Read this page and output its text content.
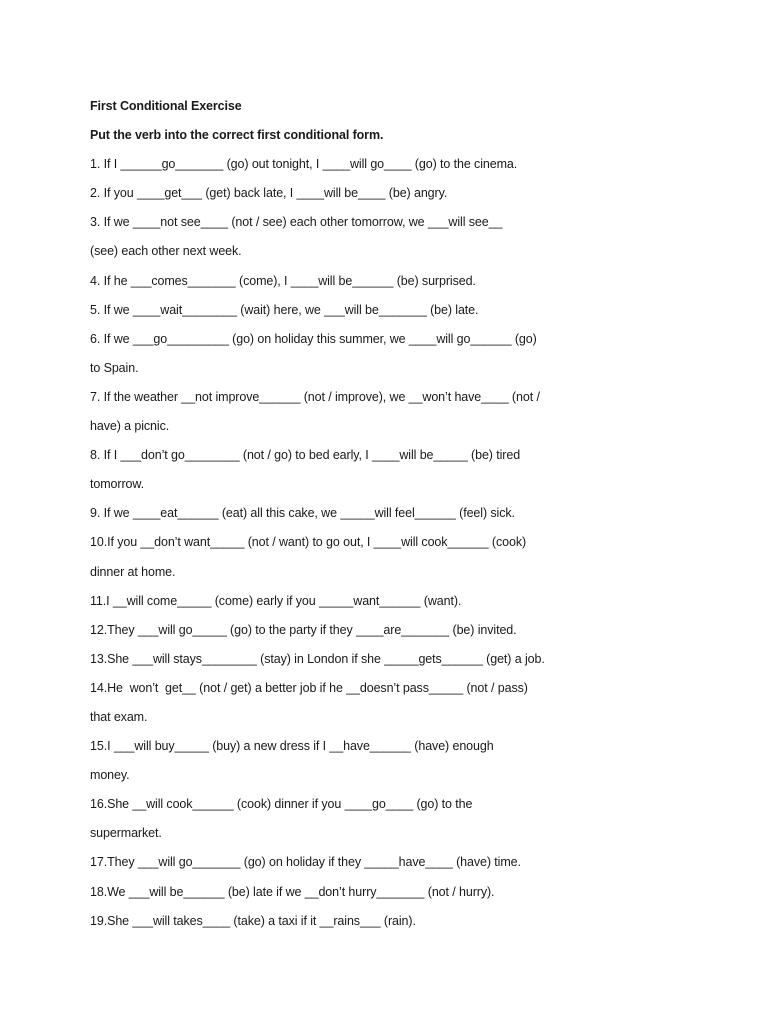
First Conditional Exercise
Put the verb into the correct first conditional form.
1. If I ______go_______ (go) out tonight, I ____will go____ (go) to the cinema.
2. If you ____get___ (get) back late, I ____will be____ (be) angry.
3. If we ____not see____ (not / see) each other tomorrow, we ___will see__
(see) each other next week.
4. If he ___comes_______ (come), I ____will be______ (be) surprised.
5. If we ____wait________ (wait) here, we ___will be_______ (be) late.
6. If we ___go_________ (go) on holiday this summer, we ____will go______ (go)
to Spain.
7. If the weather __not improve______ (not / improve), we __won’t have____ (not /
have) a picnic.
8. If I ___don’t go________ (not / go) to bed early, I ____will be_____ (be) tired
tomorrow.
9. If we ____eat______ (eat) all this cake, we _____will feel______ (feel) sick.
10.If you __don’t want_____ (not / want) to go out, I ____will cook______ (cook)
dinner at home.
11.I __will come_____ (come) early if you _____want______ (want).
12.They ___will go_____ (go) to the party if they ____are_______ (be) invited.
13.She ___will stays________ (stay) in London if she _____gets______ (get) a job.
14.He  won’t  get__ (not / get) a better job if he __doesn’t pass_____ (not / pass)
that exam.
15.I ___will buy_____ (buy) a new dress if I __have______ (have) enough
money.
16.She __will cook______ (cook) dinner if you ____go____ (go) to the
supermarket.
17.They ___will go_______ (go) on holiday if they _____have____ (have) time.
18.We ___will be______ (be) late if we __don’t hurry_______ (not / hurry).
19.She ___will takes____ (take) a taxi if it __rains___ (rain).
